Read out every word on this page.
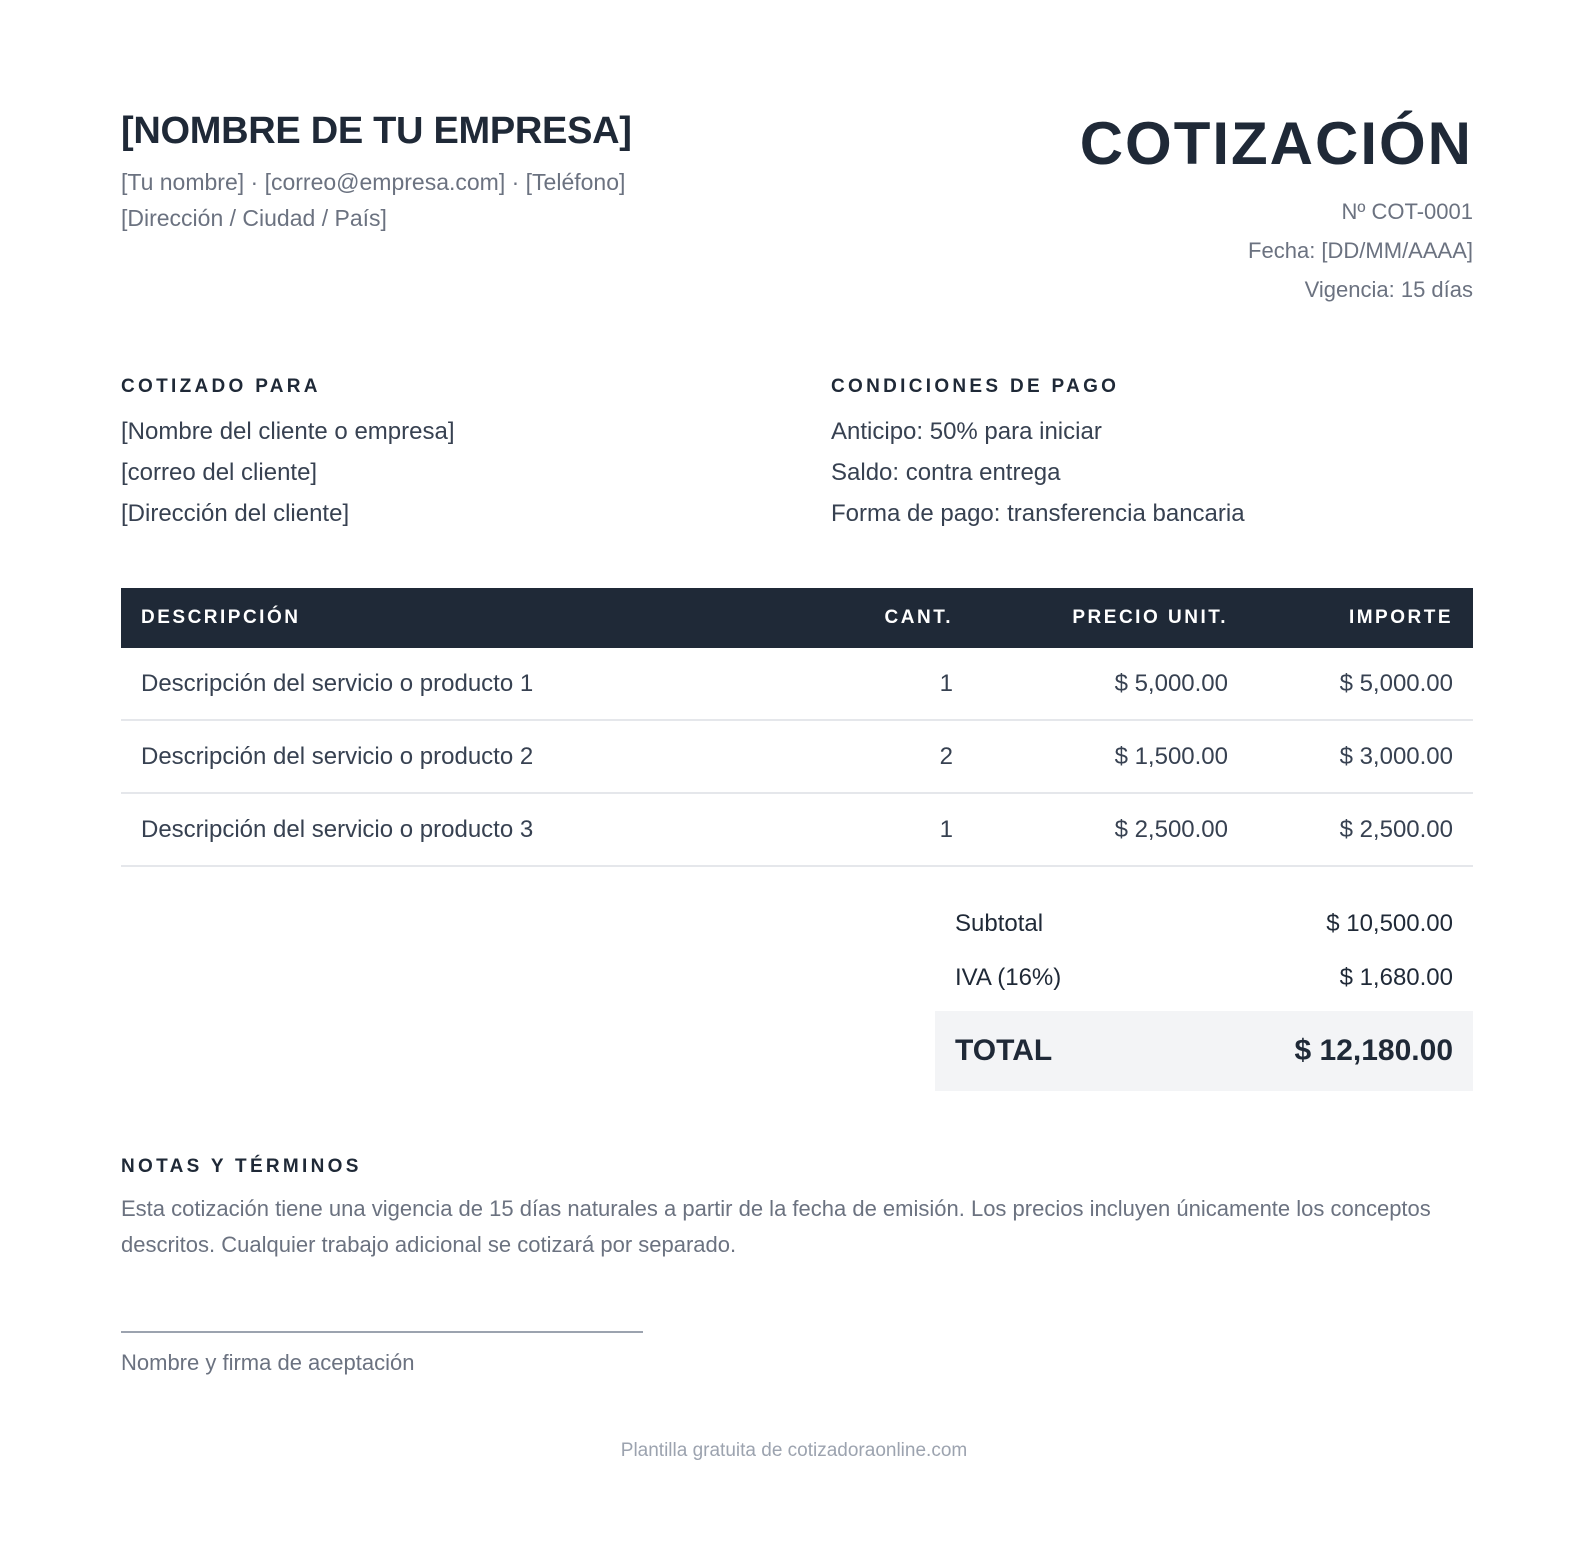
[NOMBRE DE TU EMPRESA]
[Tu nombre] · [correo@empresa.com] · [Teléfono]
[Dirección / Ciudad / País]
COTIZACIÓN
Nº COT-0001
Fecha: [DD/MM/AAAA]
Vigencia: 15 días
COTIZADO PARA
[Nombre del cliente o empresa]
[correo del cliente]
[Dirección del cliente]
CONDICIONES DE PAGO
Anticipo: 50% para iniciar
Saldo: contra entrega
Forma de pago: transferencia bancaria
DESCRIPCIÓN	CANT.	PRECIO UNIT.	IMPORTE
Descripción del servicio o producto 1	1	$ 5,000.00	$ 5,000.00
Descripción del servicio o producto 2	2	$ 1,500.00	$ 3,000.00
Descripción del servicio o producto 3	1	$ 2,500.00	$ 2,500.00
Subtotal	$ 10,500.00
IVA (16%)	$ 1,680.00
TOTAL	$ 12,180.00
NOTAS Y TÉRMINOS
Esta cotización tiene una vigencia de 15 días naturales a partir de la fecha de emisión. Los precios incluyen únicamente los conceptos descritos. Cualquier trabajo adicional se cotizará por separado.
Nombre y firma de aceptación
Plantilla gratuita de cotizadoraonline.com
